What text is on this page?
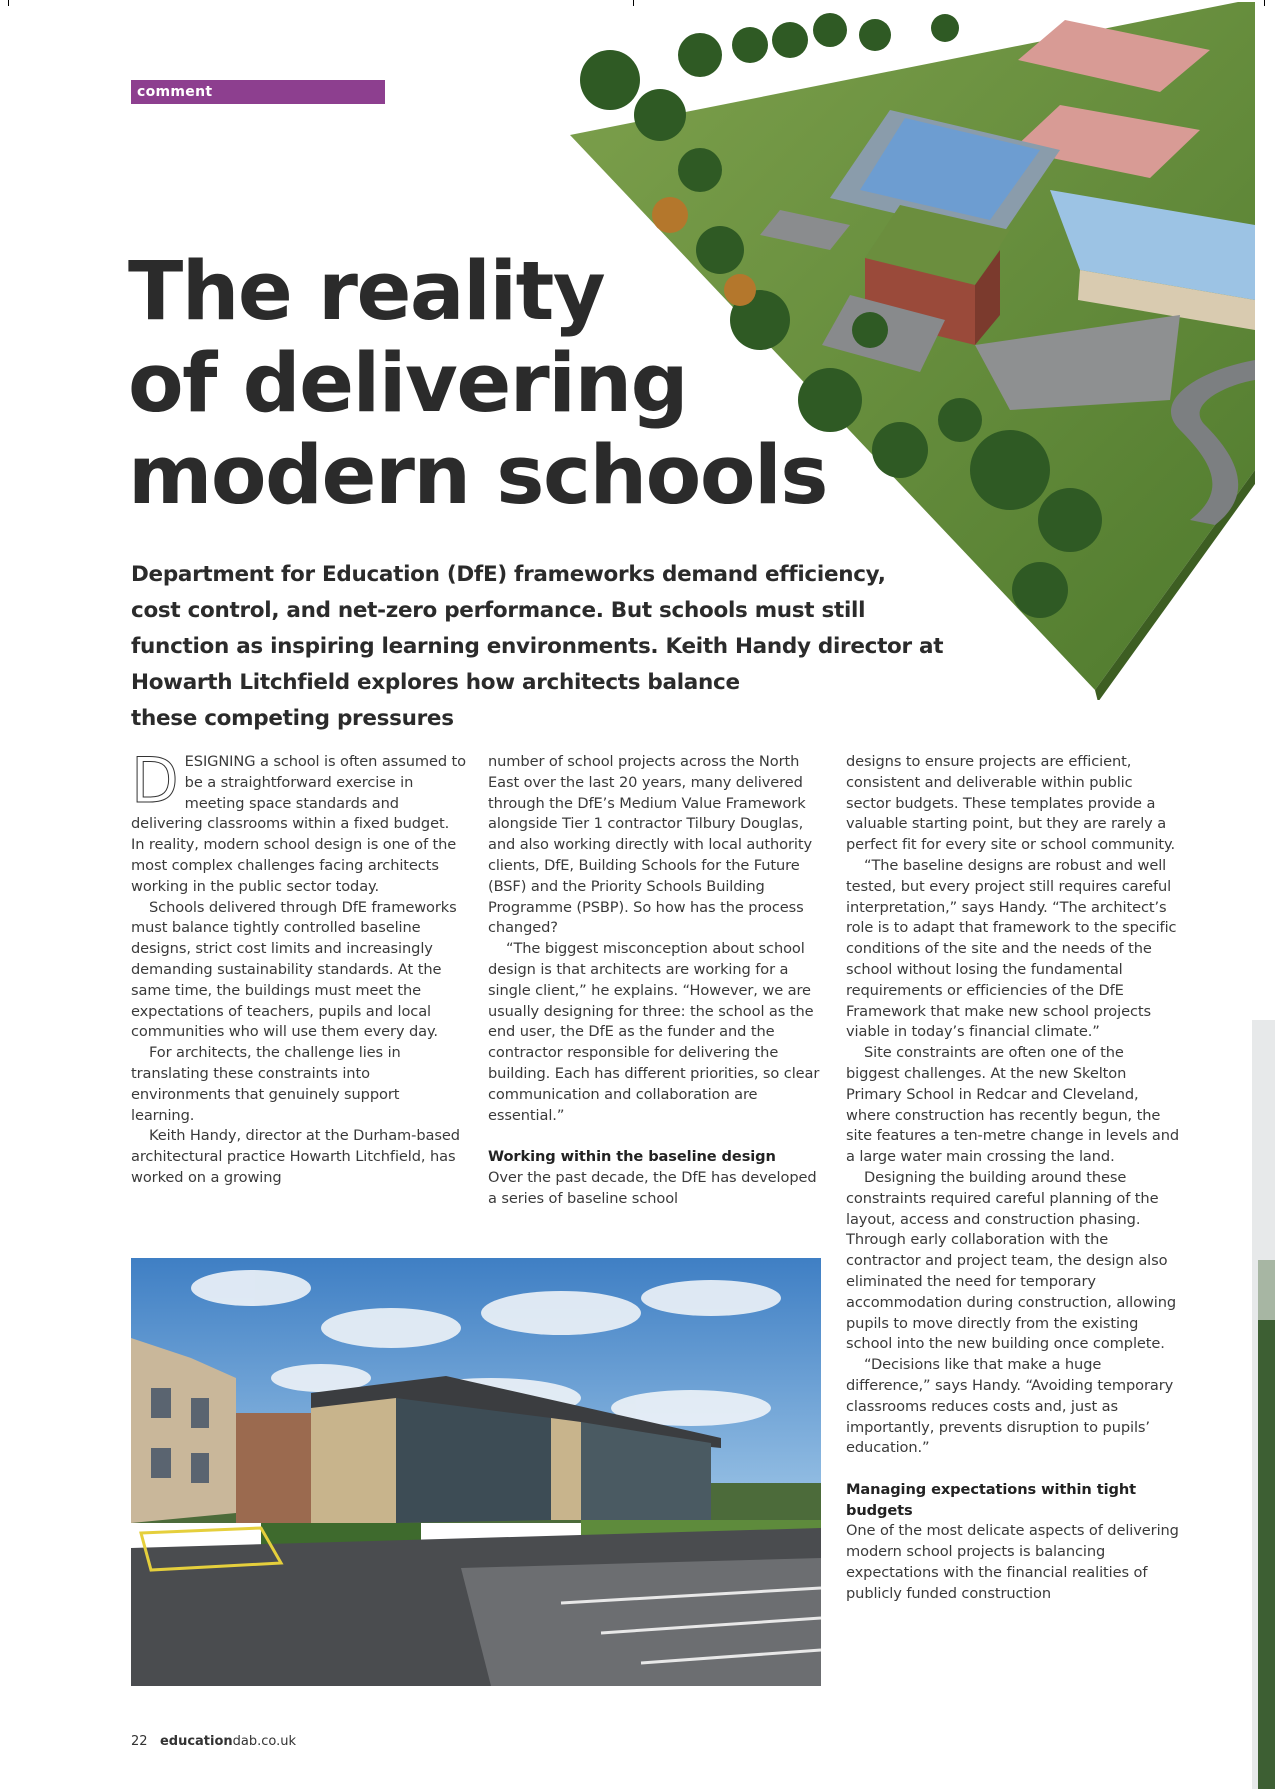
comment
The reality
of delivering
modern schools
Department for Education (DfE) frameworks demand efficiency,
cost control, and net-zero performance. But schools must still
function as inspiring learning environments. Keith Handy director at
Howarth Litchfield explores how architects balance
these competing pressures

DESIGNING a school is often assumed to be a straightforward exercise in meeting space standards and delivering classrooms within a fixed budget. In reality, modern school design is one of the most complex challenges facing architects working in the public sector today.

Schools delivered through DfE frameworks must balance tightly controlled baseline designs, strict cost limits and increasingly demanding sustainability standards. At the same time, the buildings must meet the expectations of teachers, pupils and local communities who will use them every day.

For architects, the challenge lies in translating these constraints into environments that genuinely support learning.

Keith Handy, director at the Durham-based architectural practice Howarth Litchfield, has worked on a growing

number of school projects across the North East over the last 20 years, many delivered through the DfE’s Medium Value Framework alongside Tier 1 contractor Tilbury Douglas, and also working directly with local authority clients, DfE, Building Schools for the Future (BSF) and the Priority Schools Building Programme (PSBP). So how has the process changed?

“The biggest misconception about school design is that architects are working for a single client,” he explains. “However, we are usually designing for three: the school as the end user, the DfE as the funder and the contractor responsible for delivering the building. Each has different priorities, so clear communication and collaboration are essential.”

Working within the baseline design

Over the past decade, the DfE has developed a series of baseline school

designs to ensure projects are efficient, consistent and deliverable within public sector budgets. These templates provide a valuable starting point, but they are rarely a perfect fit for every site or school community.

“The baseline designs are robust and well tested, but every project still requires careful interpretation,” says Handy. “The architect’s role is to adapt that framework to the specific conditions of the site and the needs of the school without losing the fundamental requirements or efficiencies of the DfE Framework that make new school projects viable in today’s financial climate.”

Site constraints are often one of the biggest challenges. At the new Skelton Primary School in Redcar and Cleveland, where construction has recently begun, the site features a ten-metre change in levels and a large water main crossing the land.

Designing the building around these constraints required careful planning of the layout, access and construction phasing. Through early collaboration with the contractor and project team, the design also eliminated the need for temporary accommodation during construction, allowing pupils to move directly from the existing school into the new building once complete.

“Decisions like that make a huge difference,” says Handy. “Avoiding temporary classrooms reduces costs and, just as importantly, prevents disruption to pupils’ education.”

Managing expectations within tight budgets

One of the most delicate aspects of delivering modern school projects is balancing expectations with the financial realities of publicly funded construction

22 educationdab.co.uk
